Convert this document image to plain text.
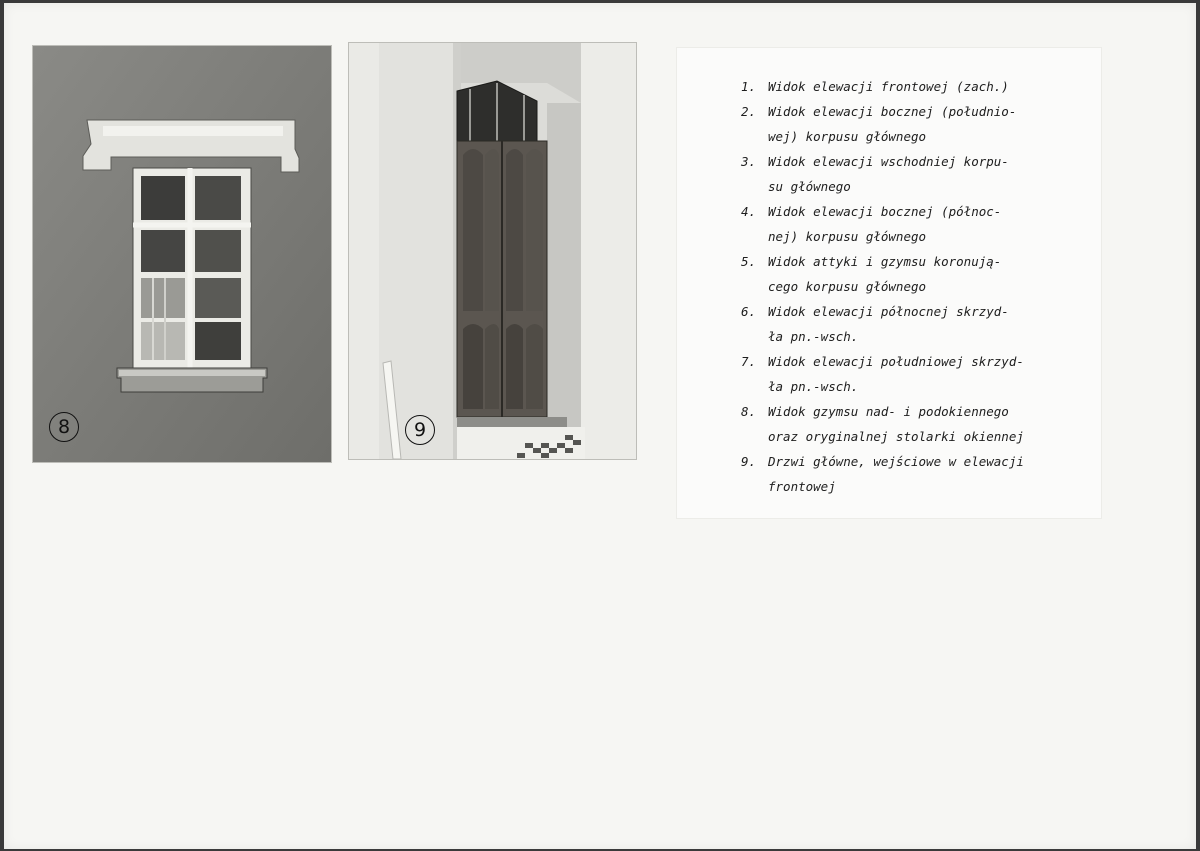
8	9
1. Widok elewacji frontowej (zach.)
2. Widok elewacji bocznej (południo-
wej) korpusu głównego
3. Widok elewacji wschodniej korpu-
su głównego
4. Widok elewacji bocznej (północ-
nej) korpusu głównego
5. Widok attyki i gzymsu koronują-
cego korpusu głównego
6. Widok elewacji północnej skrzyd-
ła pn.-wsch.
7. Widok elewacji południowej skrzyd-
ła pn.-wsch.
8. Widok gzymsu nad- i podokiennego
oraz oryginalnej stolarki okiennej
9. Drzwi główne, wejściowe w elewacji
frontowej
